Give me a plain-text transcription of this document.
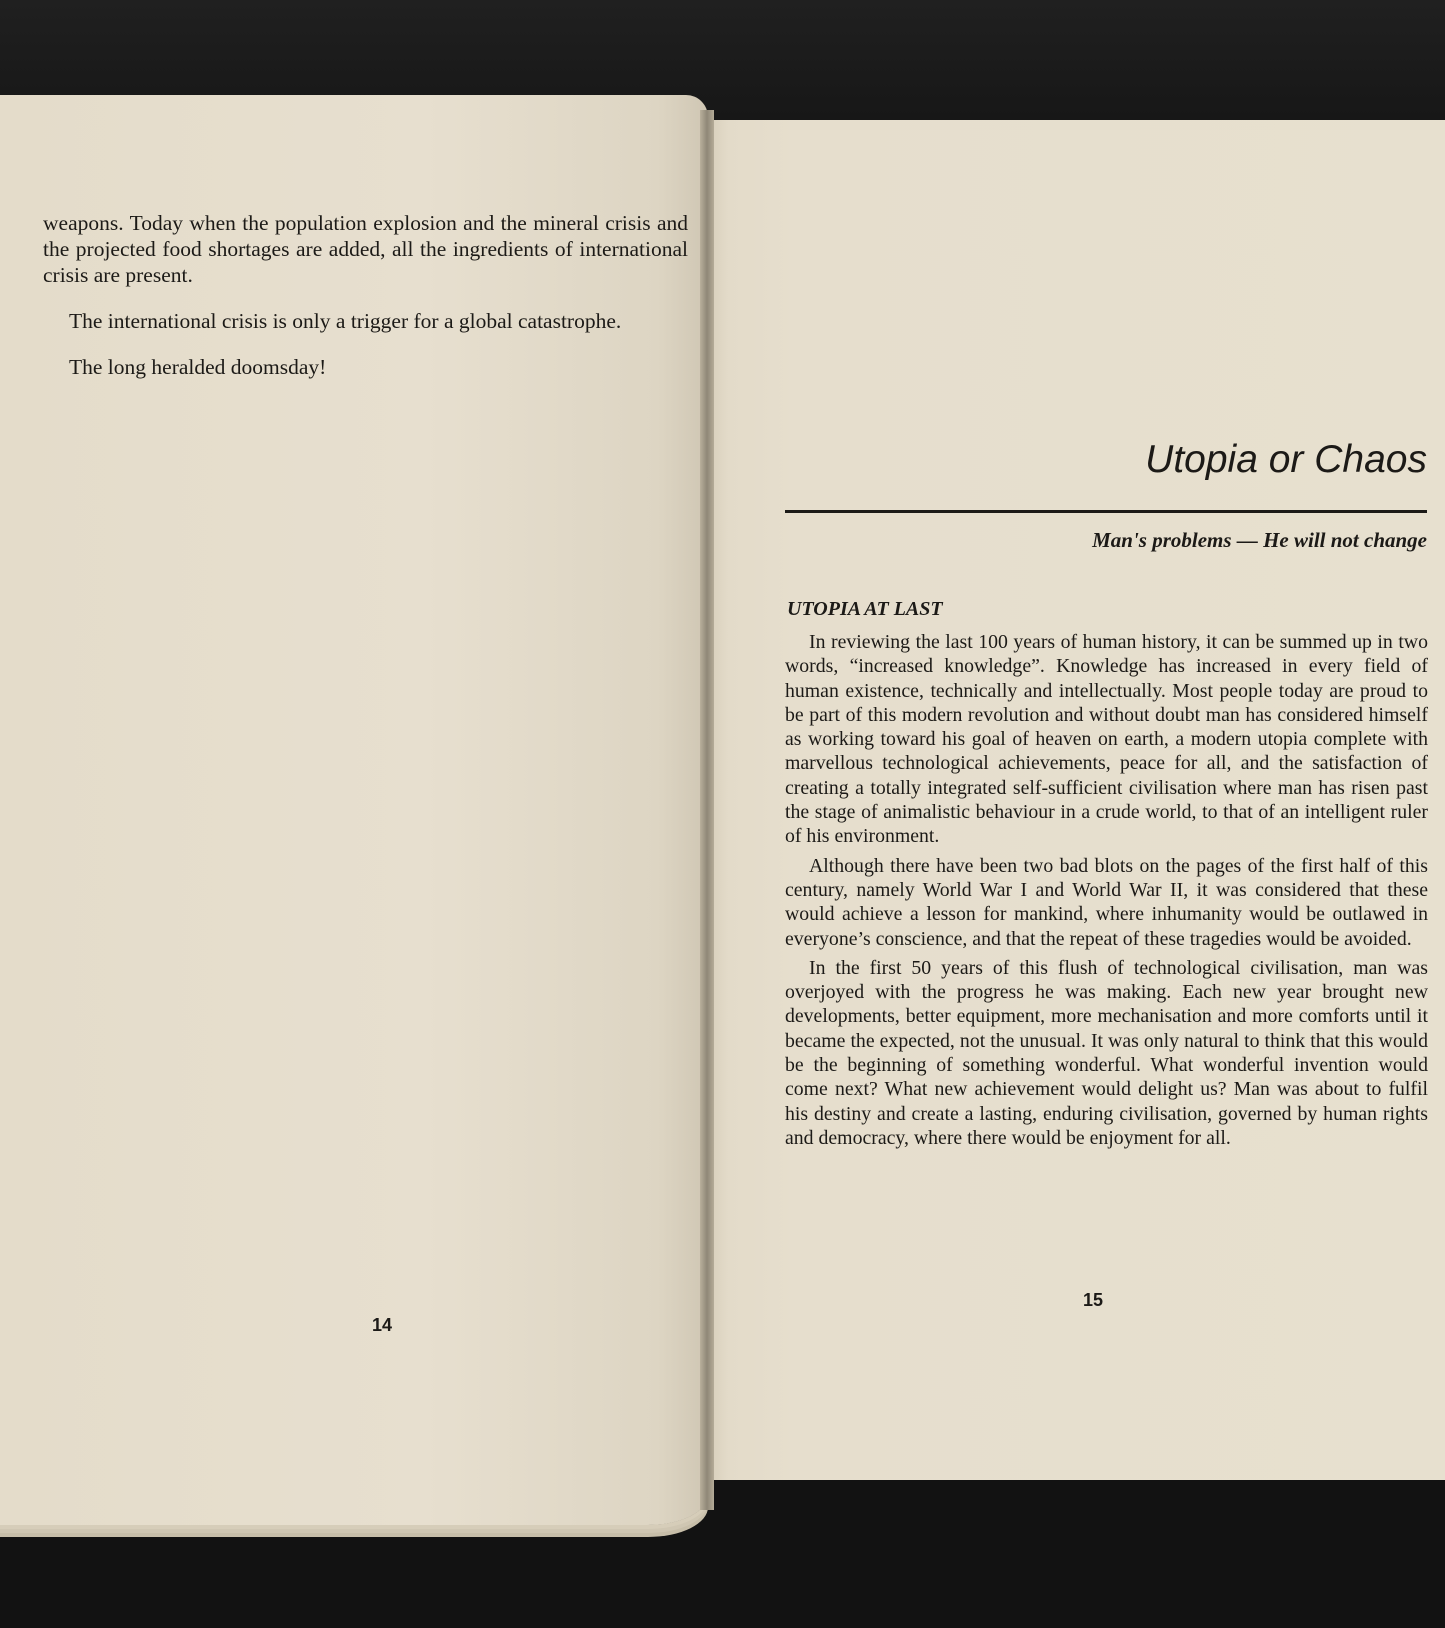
weapons. Today when the population explosion and the mineral crisis and the projected food shortages are added, all the ingredients of international crisis are present.

The international crisis is only a trigger for a global catastrophe.

The long heralded doomsday!

14
Utopia or Chaos
Man's problems — He will not change
UTOPIA AT LAST

In reviewing the last 100 years of human history, it can be summed up in two words, “increased knowledge”. Knowledge has increased in every field of human existence, technically and intellectually. Most people today are proud to be part of this modern revolution and without doubt man has considered himself as working toward his goal of heaven on earth, a modern utopia complete with marvellous technological achievements, peace for all, and the satisfaction of creating a totally integrated self-sufficient civilisation where man has risen past the stage of animalistic behaviour in a crude world, to that of an intelligent ruler of his environment.

Although there have been two bad blots on the pages of the first half of this century, namely World War I and World War II, it was considered that these would achieve a lesson for mankind, where inhumanity would be outlawed in everyone’s conscience, and that the repeat of these tragedies would be avoided.

In the first 50 years of this flush of technological civilisation, man was overjoyed with the progress he was making. Each new year brought new developments, better equipment, more mechanisation and more comforts until it became the expected, not the unusual. It was only natural to think that this would be the beginning of something wonderful. What wonderful invention would come next? What new achievement would delight us? Man was about to fulfil his destiny and create a lasting, enduring civilisation, governed by human rights and democracy, where there would be enjoyment for all.

15
